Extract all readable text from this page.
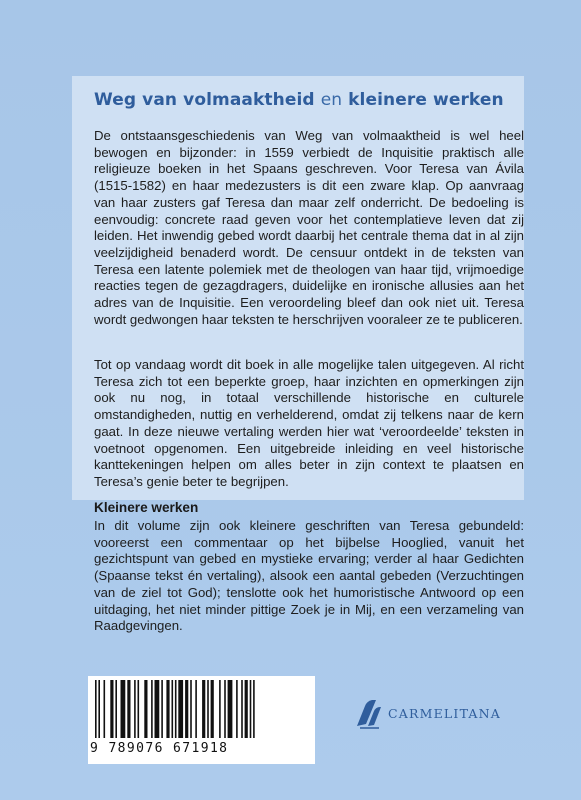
Weg van volmaaktheid en kleinere werken

De ontstaansgeschiedenis van Weg van volmaaktheid is wel heel bewogen en bijzonder: in 1559 verbiedt de Inquisitie praktisch alle religieuze boeken in het Spaans geschreven. Voor Teresa van Ávila (1515-1582) en haar medezusters is dit een zware klap. Op aanvraag van haar zusters gaf Teresa dan maar zelf onderricht. De bedoeling is eenvoudig: concrete raad geven voor het contemplatieve leven dat zij leiden. Het inwendig gebed wordt daarbij het centrale thema dat in al zijn veelzijdigheid benaderd wordt. De censuur ontdekt in de teksten van Teresa een latente polemiek met de theologen van haar tijd, vrijmoedige reacties tegen de gezagdragers, duidelijke en ironische allusies aan het adres van de Inquisitie. Een veroordeling bleef dan ook niet uit. Teresa wordt gedwongen haar teksten te herschrijven vooraleer ze te publiceren.

Tot op vandaag wordt dit boek in alle mogelijke talen uitgegeven. Al richt Teresa zich tot een beperkte groep, haar inzichten en opmerkingen zijn ook nu nog, in totaal verschillende historische en culturele omstandigheden, nuttig en verhelderend, omdat zij telkens naar de kern gaat. In deze nieuwe vertaling werden hier wat ‘veroordeelde’ teksten in voetnoot opgenomen. Een uitgebreide inleiding en veel historische kanttekeningen helpen om alles beter in zijn context te plaatsen en Teresa’s genie beter te begrijpen.

Kleinere werken

In dit volume zijn ook kleinere geschriften van Teresa gebundeld: vooreerst een commentaar op het bijbelse Hooglied, vanuit het gezichtspunt van gebed en mystieke ervaring; verder al haar Gedichten (Spaanse tekst én vertaling), alsook een aantal gebeden (Verzuchtingen van de ziel tot God); tenslotte ook het humoristische Antwoord op een uitdaging, het niet minder pittige Zoek je in Mij, en een verzameling van Raadgevingen.

9 789076 671918
CARMELITANA
